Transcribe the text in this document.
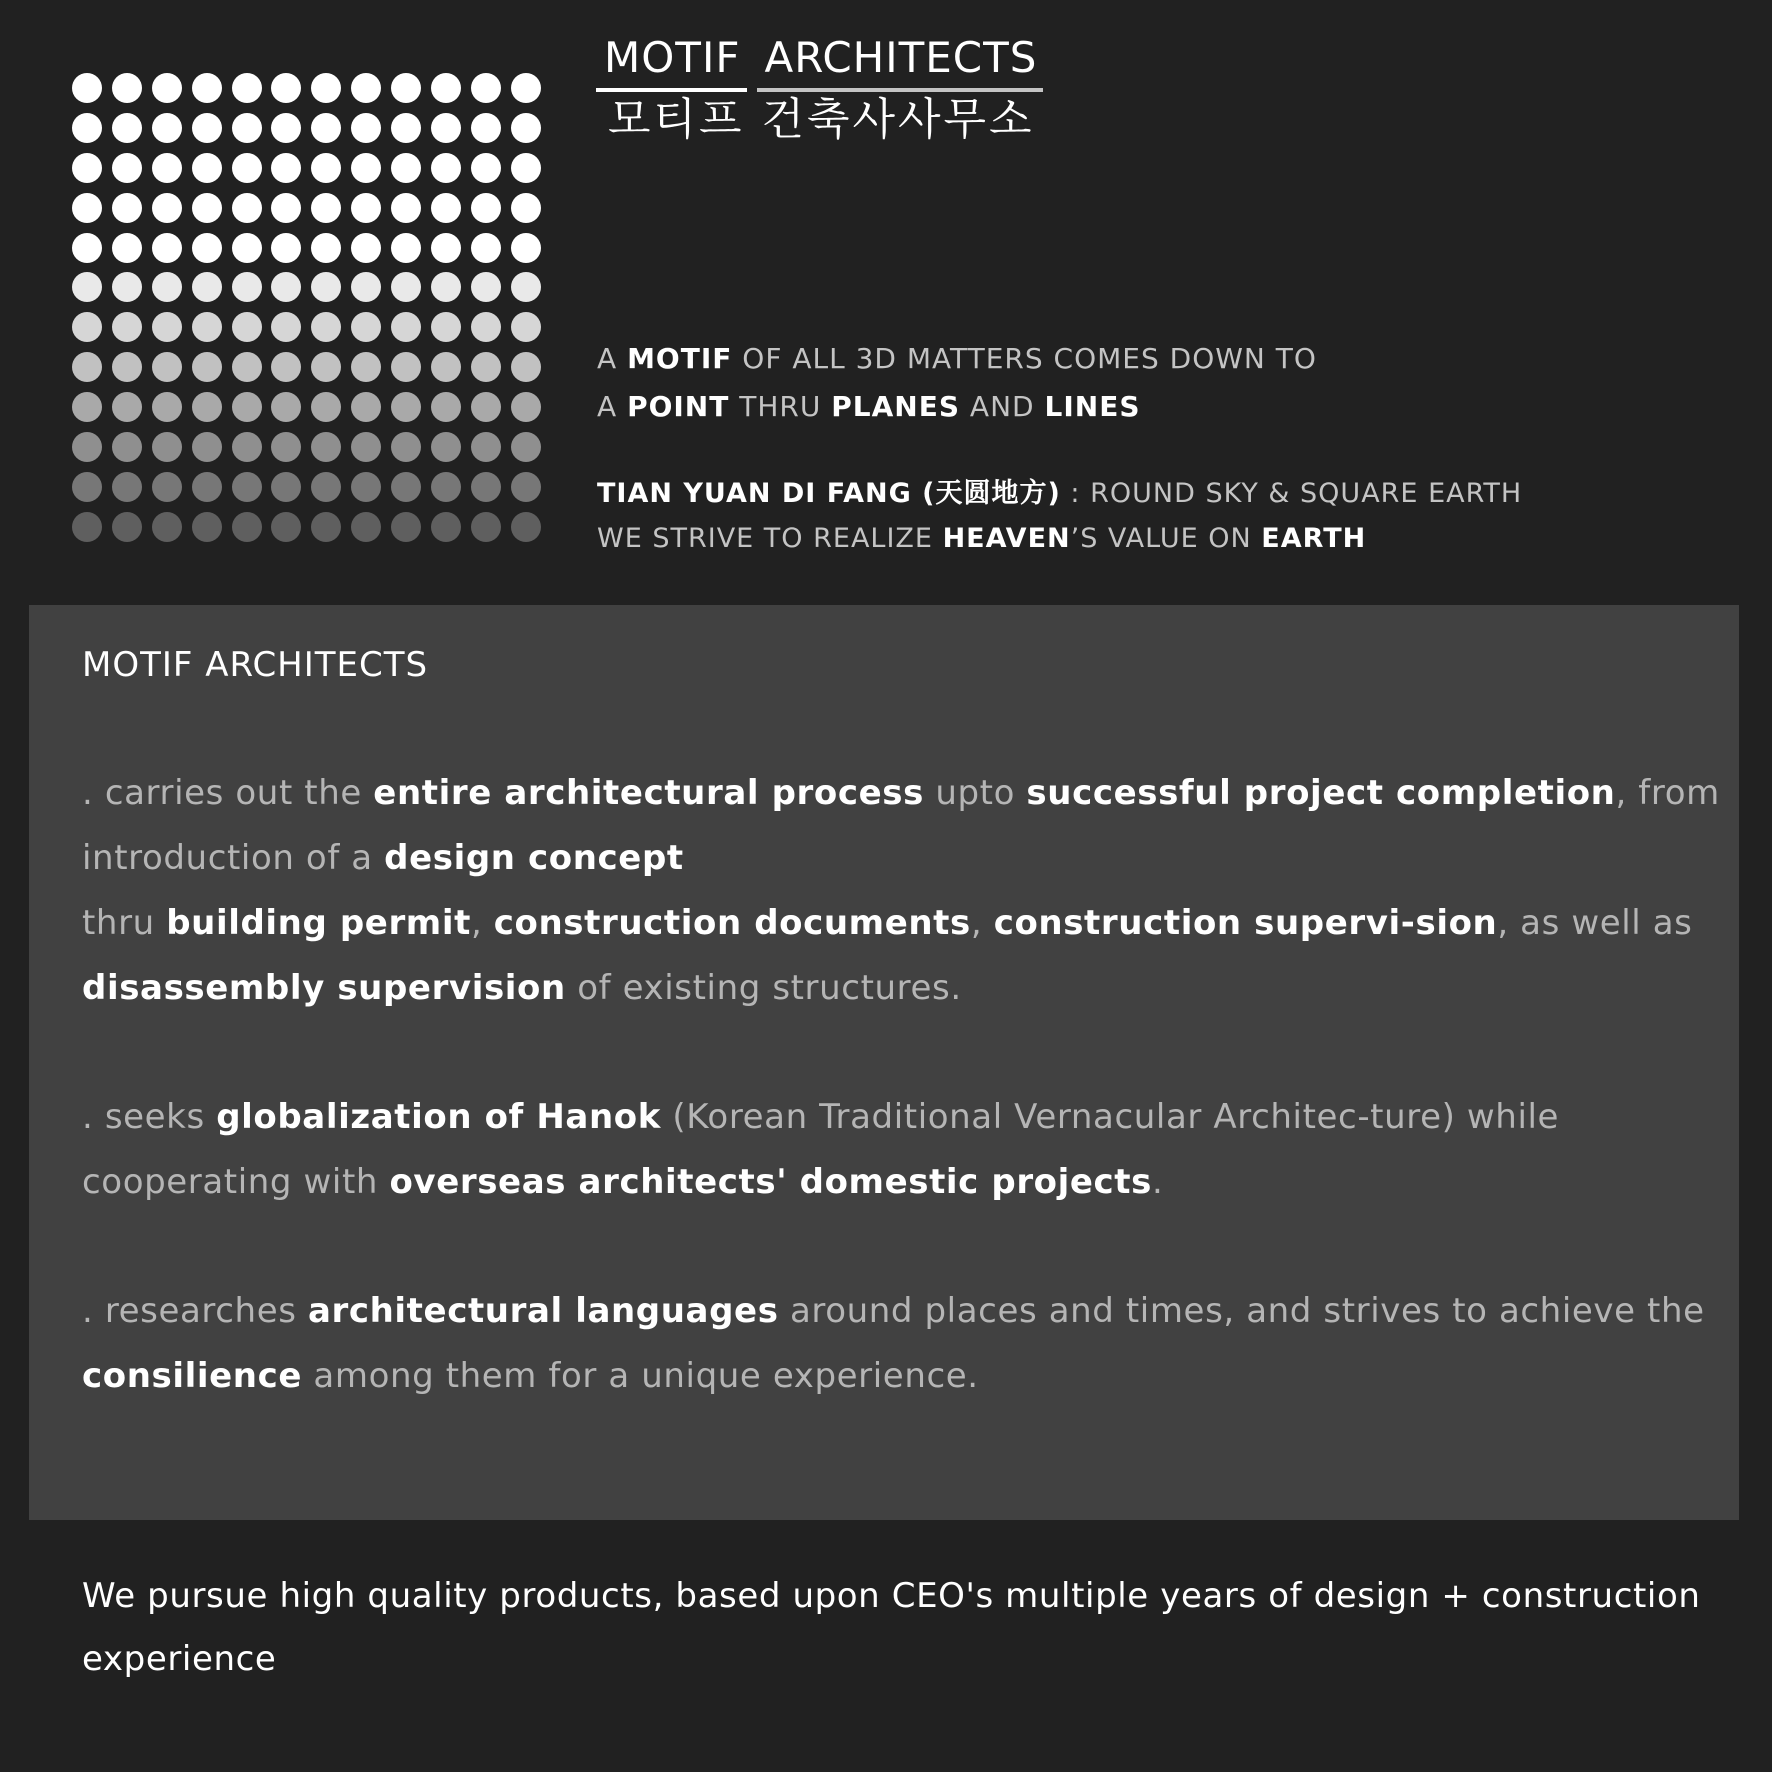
MOTIF ARCHITECTS
모티프 건축사사무소
A MOTIF OF ALL 3D MATTERS COMES DOWN TO
A POINT THRU PLANES AND LINES
TIAN YUAN DI FANG (天圆地方) : ROUND SKY & SQUARE EARTH
WE STRIVE TO REALIZE HEAVEN’S VALUE ON EARTH
MOTIF ARCHITECTS
. carries out the entire architectural process upto successful project completion, from introduction of a design concept
thru building permit, construction documents, construction supervi-sion, as well as disassembly supervision of existing structures.
. seeks globalization of Hanok (Korean Traditional Vernacular Architec-ture) while cooperating with overseas architects' domestic projects.
. researches architectural languages around places and times, and strives to achieve the consilience among them for a unique experience.
We pursue high quality products, based upon CEO's multiple years of design + construction experience
